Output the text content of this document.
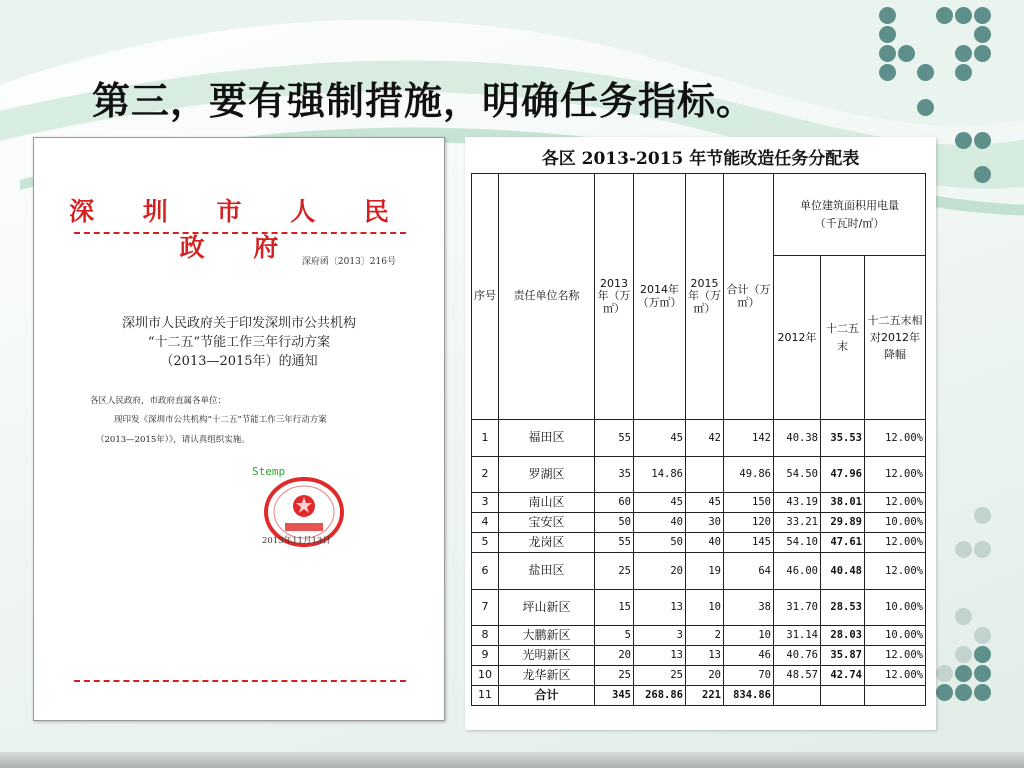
第三，要有强制措施，明确任务指标。
深 圳 市 人 民 政 府 深府函〔2013〕216号
深圳市人民政府关于印发深圳市公共机构
“十二五”节能工作三年行动方案
（2013—2015年）的通知
各区人民政府，市政府直属各单位：
现印发《深圳市公共机构“十二五”节能工作三年行动方案
（2013—2015年）》，请认真组织实施。
Stemp
2013年11月13日
各区 2013-2015 年节能改造任务分配表
序号	责任单位名称	2013年（万㎡）	2014年（万㎡）	2015年（万㎡）	合计（万㎡）	单位建筑面积用电量
（千瓦时/㎡）		

						2012年	十二五末	十二五末相对2012年降幅
1	福田区	55	45	42	142	40.38	35.53	12.00%
2	罗湖区	35	14.86		49.86	54.50	47.96	12.00%
3	南山区	60	45	45	150	43.19	38.01	12.00%
4	宝安区	50	40	30	120	33.21	29.89	10.00%
5	龙岗区	55	50	40	145	54.10	47.61	12.00%
6	盐田区	25	20	19	64	46.00	40.48	12.00%
7	坪山新区	15	13	10	38	31.70	28.53	10.00%
8	大鹏新区	5	3	2	10	31.14	28.03	10.00%
9	光明新区	20	13	13	46	40.76	35.87	12.00%
10	龙华新区	25	25	20	70	48.57	42.74	12.00%
11	合计	345	268.86	221	834.86			
